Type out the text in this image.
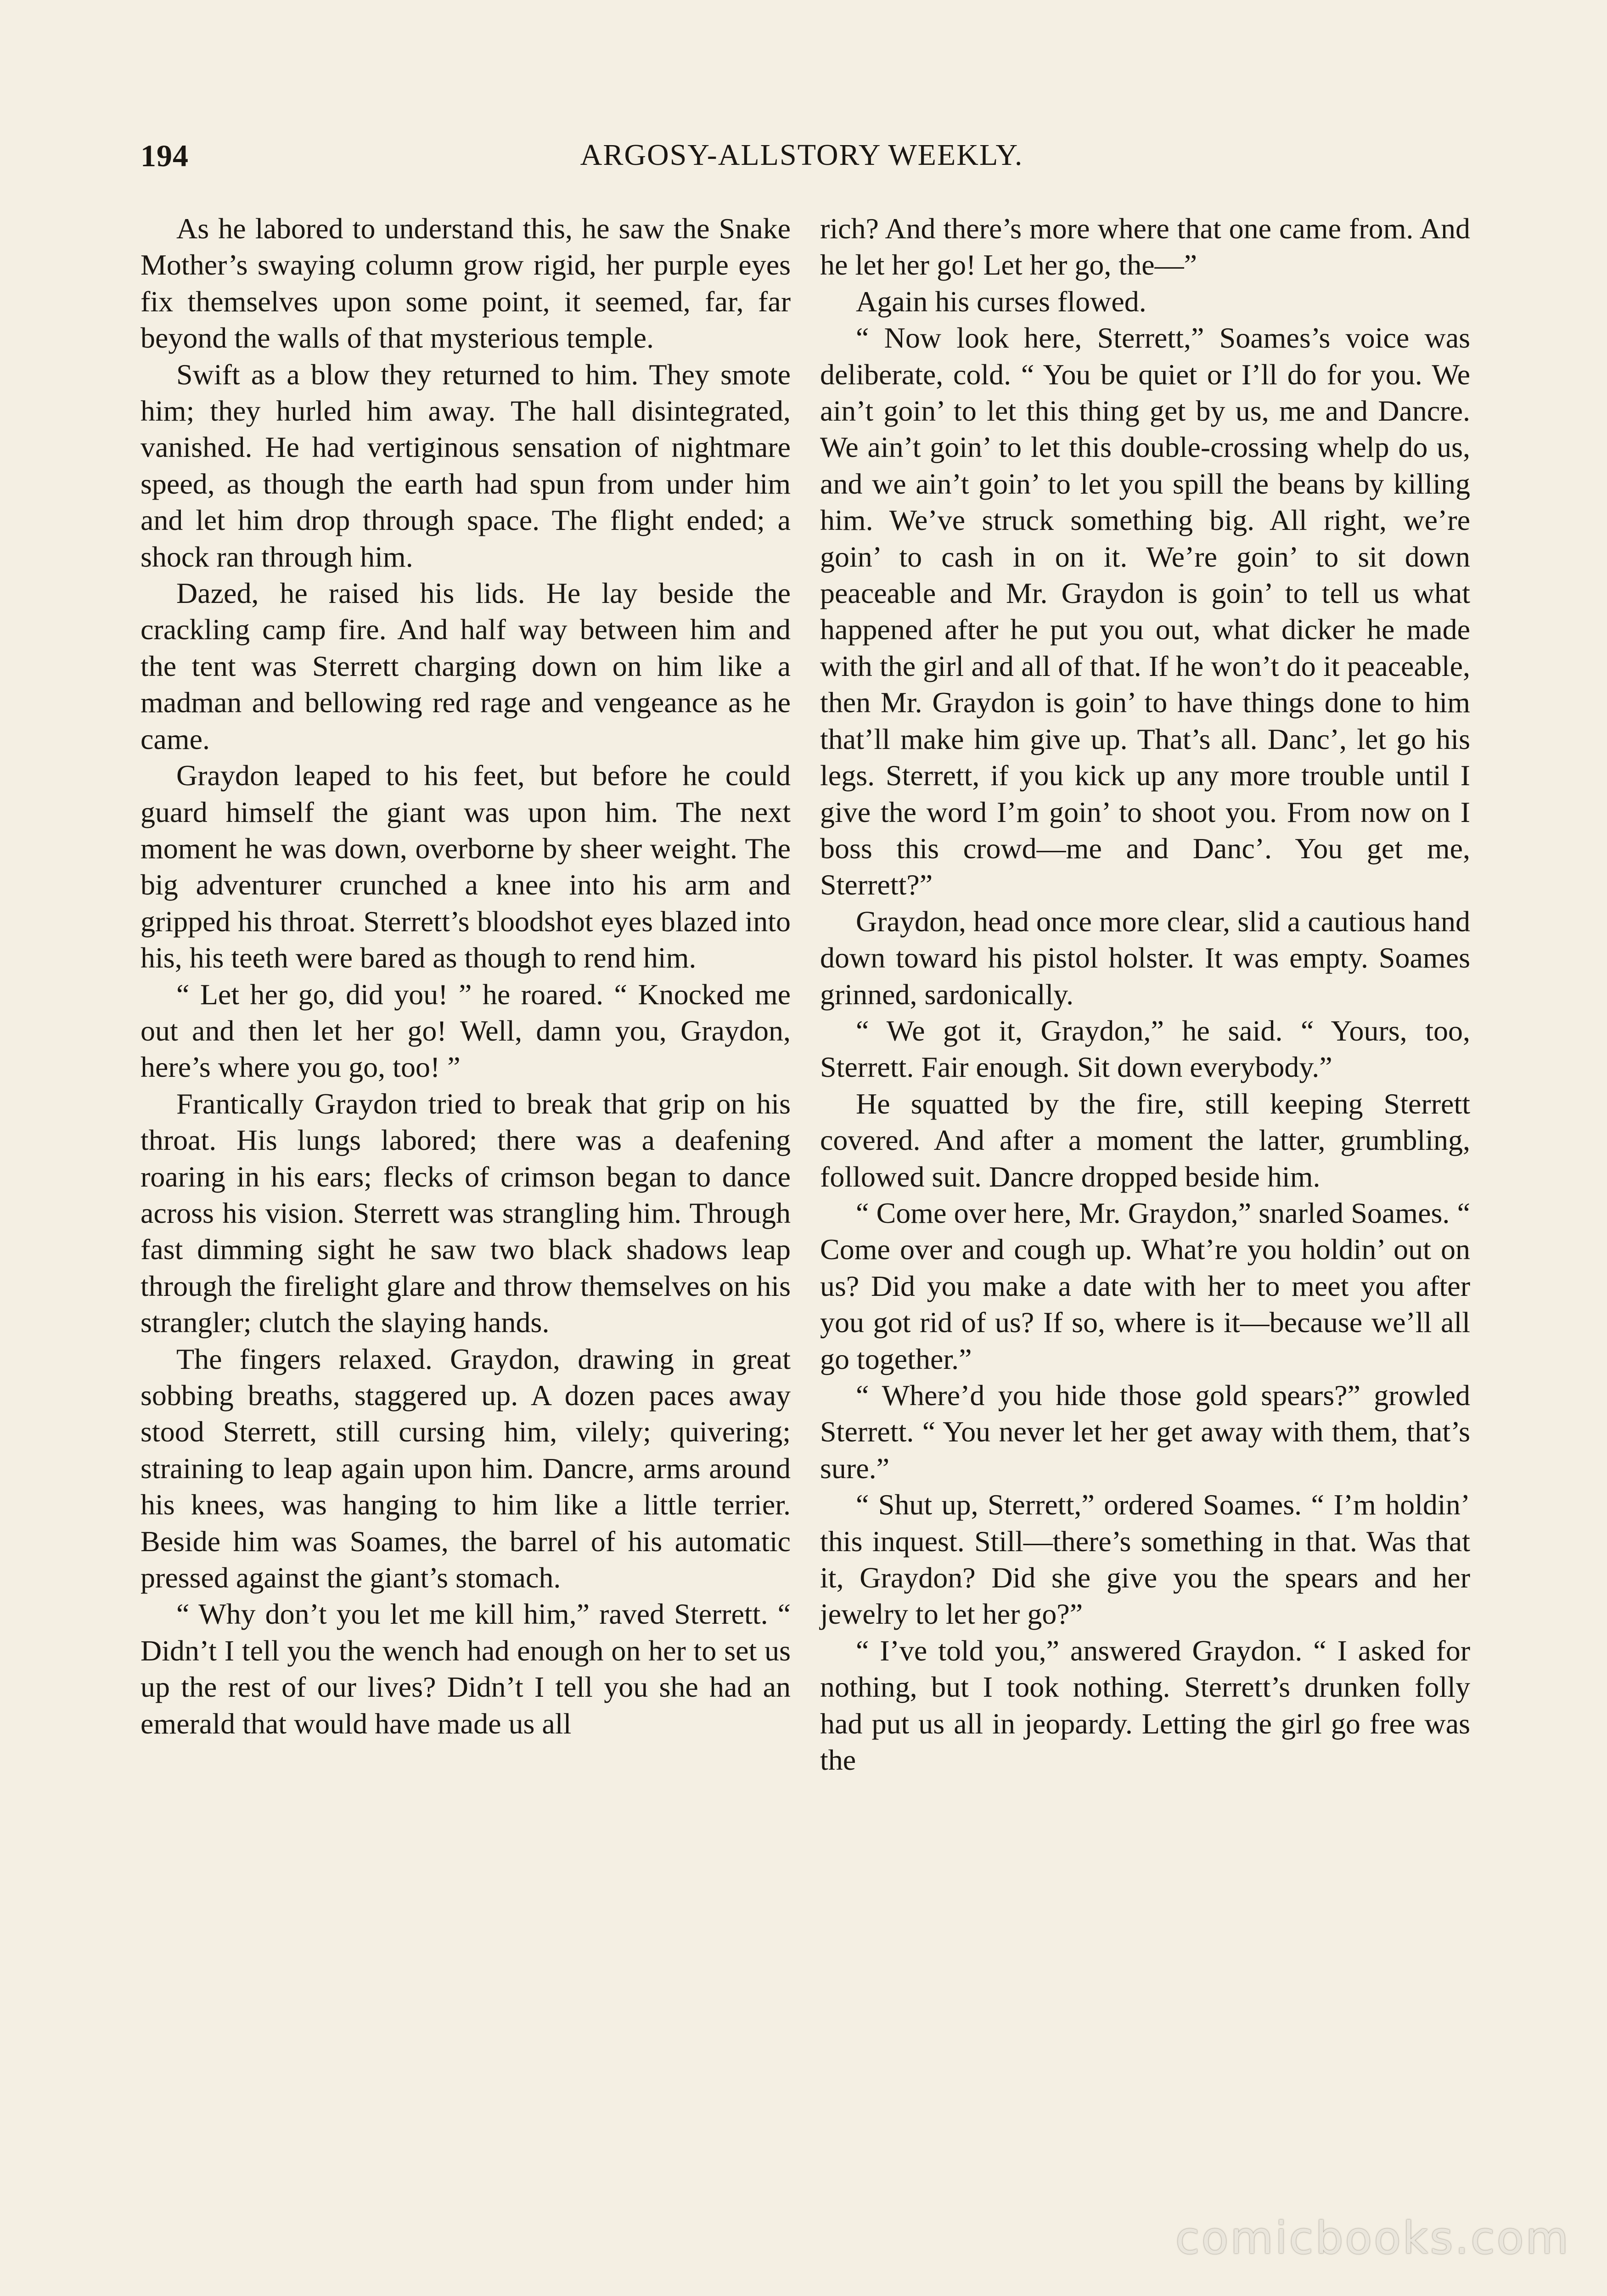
194	ARGOSY-ALLSTORY WEEKLY.

As he labored to understand this, he saw the Snake Mother’s swaying column grow rigid, her purple eyes fix themselves upon some point, it seemed, far, far beyond the walls of that mysterious temple.

Swift as a blow they returned to him. They smote him; they hurled him away. The hall disintegrated, vanished. He had vertiginous sensation of nightmare speed, as though the earth had spun from under him and let him drop through space. The flight ended; a shock ran through him.

Dazed, he raised his lids. He lay beside the crackling camp fire. And half way between him and the tent was Sterrett charging down on him like a madman and bellowing red rage and vengeance as he came.

Graydon leaped to his feet, but before he could guard himself the giant was upon him. The next moment he was down, overborne by sheer weight. The big adventurer crunched a knee into his arm and gripped his throat. Sterrett’s bloodshot eyes blazed into his, his teeth were bared as though to rend him.

“ Let her go, did you! ” he roared. “ Knocked me out and then let her go! Well, damn you, Graydon, here’s where you go, too! ”

Frantically Graydon tried to break that grip on his throat. His lungs labored; there was a deafening roaring in his ears; flecks of crimson began to dance across his vision. Sterrett was strangling him. Through fast dimming sight he saw two black shadows leap through the firelight glare and throw themselves on his strangler; clutch the slaying hands.

The fingers relaxed. Graydon, drawing in great sobbing breaths, staggered up. A dozen paces away stood Sterrett, still cursing him, vilely; quivering; straining to leap again upon him. Dancre, arms around his knees, was hanging to him like a little terrier. Beside him was Soames, the barrel of his automatic pressed against the giant’s stomach.

“ Why don’t you let me kill him,” raved Sterrett. “ Didn’t I tell you the wench had enough on her to set us up the rest of our lives? Didn’t I tell you she had an emerald that would have made us all

rich? And there’s more where that one came from. And he let her go! Let her go, the—”

Again his curses flowed.

“ Now look here, Sterrett,” Soames’s voice was deliberate, cold. “ You be quiet or I’ll do for you. We ain’t goin’ to let this thing get by us, me and Dancre. We ain’t goin’ to let this double-crossing whelp do us, and we ain’t goin’ to let you spill the beans by killing him. We’ve struck something big. All right, we’re goin’ to cash in on it. We’re goin’ to sit down peaceable and Mr. Graydon is goin’ to tell us what happened after he put you out, what dicker he made with the girl and all of that. If he won’t do it peaceable, then Mr. Graydon is goin’ to have things done to him that’ll make him give up. That’s all. Danc’, let go his legs. Sterrett, if you kick up any more trouble until I give the word I’m goin’ to shoot you. From now on I boss this crowd—me and Danc’. You get me, Sterrett?”

Graydon, head once more clear, slid a cautious hand down toward his pistol holster. It was empty. Soames grinned, sardonically.

“ We got it, Graydon,” he said. “ Yours, too, Sterrett. Fair enough. Sit down everybody.”

He squatted by the fire, still keeping Sterrett covered. And after a moment the latter, grumbling, followed suit. Dancre dropped beside him.

“ Come over here, Mr. Graydon,” snarled Soames. “ Come over and cough up. What’re you holdin’ out on us? Did you make a date with her to meet you after you got rid of us? If so, where is it—because we’ll all go together.”

“ Where’d you hide those gold spears?” growled Sterrett. “ You never let her get away with them, that’s sure.”

“ Shut up, Sterrett,” ordered Soames. “ I’m holdin’ this inquest. Still—there’s something in that. Was that it, Graydon? Did she give you the spears and her jewelry to let her go?”

“ I’ve told you,” answered Graydon. “ I asked for nothing, but I took nothing. Sterrett’s drunken folly had put us all in jeopardy. Letting the girl go free was the

comicbooks.com
